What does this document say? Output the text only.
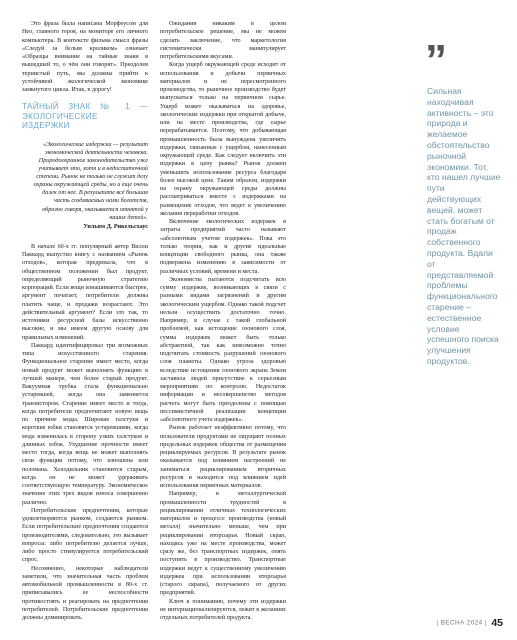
Это фраза была написана Морфеусом для Нео, главного героя, на мониторе его личного компьютера. В контексте фильма смысл фразы «Следуй за белым кроликом» означает «Образцы внимание на тайные знаки в вышедшей то, о чём они говорят». Преодолев тернистый путь, мы должны прийти к устойчивой экологической экономике замкнутого цикла. Итак, в дорогу!

ТАЙНЫЙ ЗНАК № 1 — ЭКОЛОГИЧЕСКИЕ ИЗДЕРЖКИ
«Экологические издержки — результат экономической деятельности человека. Природоохранное законодательство уже учитывает это, хотя и в недостаточной степени. Рынок не только не служит делу охраны окружающей среды, но и еще очень далек от нее. В результате всё большая часть создаваемых нами богатств, образно говоря, оказывается отнятой у наших детей».
Уильям Д. Рикельсхаус

В начале 60-х гг. популярный автор Вилли Паккард выпустил книгу с названием «Рынок отходов», которая предрекала, что в общественном положении был продукт, определяющий рыночную стратегию корпораций. Если вещи изнашиваются быстрее, аргумент печатает, потребители должны платить чаще, и продажи возрастают. Это действительный аргумент? Если это так, то источники ресурсной базы искусственно высокие, и мы имеем другую основу для правильных изменений.

Паккард идентифицировал три возможных типа искусственного старения. Функциональное старение имеет место, когда новый продукт может выполнять функцию в лучшей манере, чем более старый продукт. Вакуумная трубка стала функционально устаревшей, когда она заменяется транзистором. Старение имеет место и тогда, когда потребители предпочитают новую вещь по причине моды. Широкие галстуки и короткие юбки становятся устаревшими, когда мода изменилась в сторону узких галстуков и длинных юбок. Ухудшение прочности имеет место тогда, когда вещь не может выполнять свои функции потому, что изношена или поломана. Холодильник становится старым, когда он не может удерживать соответствующую температуру. Экономическое значение этих трех видов износа совершенно различно.

Потребительские предпочтения, которые удовлетворяются рынком, создаются рынком. Если потребительские предпочтения создаются производителями, следовательно, это вызывает вопросы: либо потребителю делается лучше, либо просто стимулируется потребительский спрос.

Несомненно, некоторые наблюдатели заметили, что значительная часть проблем автомобильной промышленности в 80-х гг. приписывались ее неспособности противостоять и реагировать на предпочтения потребителей. Потребительские предпочтения должны доминировать.

Ожидания никаким в целом потребительское решение, мы не можем сделать заключение, что маркетология систематически манипулирует потребительскими вкусами.

Когда ущерб окружающей среде исходит от использования и добычи первичных материалов и не пересмотренного производства, то рыночное производство будет выпускаться только на первичном сырье. Ущерб может оказываться на здоровье, экологические издержки при открытой добыче, или на месте производства, где сырье перерабатывается. Поэтому, что добывающая промышленность была вынуждена увеличить издержки, связанные с ущербом, нанесенным окружающей среде. Как следует включить эти издержки в цену рынка? Рынок должен уменьшить использование ресурса благодаря более высокой цене. Таким образом, издержки на охрану окружающей среды должны рассматриваться вместе с издержками на размещение отходов, что ведет к увеличению желания переработки отходов.

Включение экологических издержек в затраты предприятий часто называют «абсолютным учетом издержек». Пока это только теория, как и другие идеальные концепции свободного рынка, она также подвержена изменению в зависимости от различных условий, времени и места.

Экономисты пытаются подсчитать всю сумму издержек, возникающих в связи с разными видами загрязнений и другим экологическим ущербом. Однако такой подсчет нельзя осуществить достаточно точно. Например, в случае с такой глобальной проблемой, как истощение озонового слоя, сумма издержек может быть только абстрактной, так как невозможно точно подсчитать стоимость разрушений озонового слоя планеты. Однако угроза здоровью вследствие истощения озонового экрана Земли заставила людей присутствие к серьезным мероприятиям по контролю. Недостаток информации и несовершенство методов расчета могут быть преодолены с помощью пессимистичной реализации концепции «абсолютного учета издержек».

Рынок работает неэффективно потому, что пользователи продуктами не ощущают полных предельных издержек общества от размещения рециклируемых ресурсов. В результате рынок оказывается под влиянием настроений не заниматься рециклированием вторичных ресурсов и находится под влиянием идей использования первичных материалов.

Например, в металлургической промышленности трудностей в рециклировании отличных технологических материалов и процессе производства (новый металл) значительно меньше, чем при рециклировании вторсырья. Новый скрап, находясь уже на месте производства, может сразу же, без транспортных издержек, опять поступить в производство. Транспортные издержки ведут к существенному увеличению издержек при использовании вторсырья (старого скрапа), получаемого от других предприятий.

Ключ к пониманию, почему эти издержки не интернационализируются, лежит в желаниях отдельных потребителей продукта.

”
Сильная находчивая активность – это природа и желаемое обстоятельство рыночной экономики. Тот, кто нашел лучшие пути действующих вещей, может стать богатым от продаж собственного продукта. Вдали от представляемой проблемы функционального старение – естественное условие успешного поиска улучшения продуктов.
| ВЕСНА 2024 | 45
